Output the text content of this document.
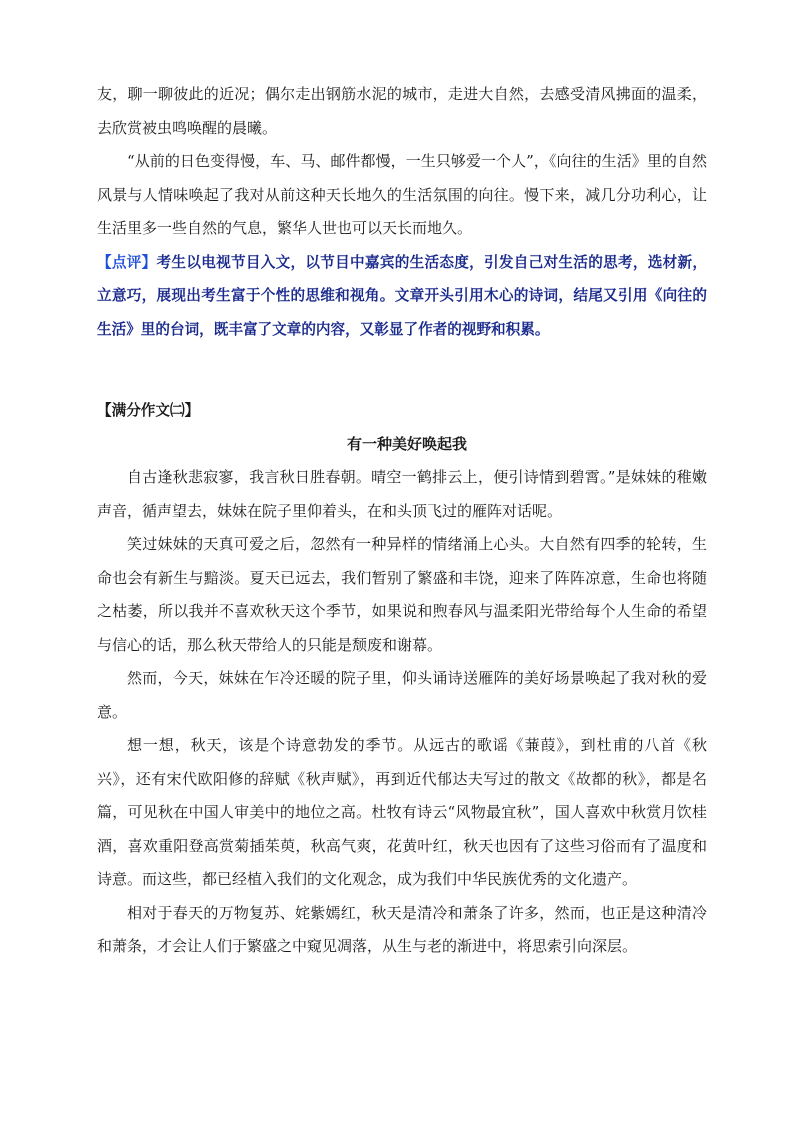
友，聊一聊彼此的近况；偶尔走出钢筋水泥的城市，走进大自然，去感受清风拂面的温柔，去欣赏被虫鸣唤醒的晨曦。

“从前的日色变得慢，车、马、邮件都慢，一生只够爱一个人”，《向往的生活》里的自然风景与人情味唤起了我对从前这种天长地久的生活氛围的向往。慢下来，减几分功利心，让生活里多一些自然的气息，繁华人世也可以天长而地久。

【点评】考生以电视节目入文，以节目中嘉宾的生活态度，引发自己对生活的思考，选材新，立意巧，展现出考生富于个性的思维和视角。文章开头引用木心的诗词，结尾又引用《向往的生活》里的台词，既丰富了文章的内容，又彰显了作者的视野和积累。

【满分作文㈡】

有一种美好唤起我

自古逢秋悲寂寥，我言秋日胜春朝。晴空一鹤排云上，便引诗情到碧霄。”是妹妹的稚嫩声音，循声望去，妹妹在院子里仰着头，在和头顶飞过的雁阵对话呢。

笑过妹妹的天真可爱之后，忽然有一种异样的情绪涌上心头。大自然有四季的轮转，生命也会有新生与黯淡。夏天已远去，我们暂别了繁盛和丰饶，迎来了阵阵凉意，生命也将随之枯萎，所以我并不喜欢秋天这个季节，如果说和煦春风与温柔阳光带给每个人生命的希望与信心的话，那么秋天带给人的只能是颓废和谢幕。

然而，今天，妹妹在乍冷还暖的院子里，仰头诵诗送雁阵的美好场景唤起了我对秋的爱意。

想一想，秋天，该是个诗意勃发的季节。从远古的歌谣《蒹葭》，到杜甫的八首《秋兴》，还有宋代欧阳修的辞赋《秋声赋》，再到近代郁达夫写过的散文《故都的秋》，都是名篇，可见秋在中国人审美中的地位之高。杜牧有诗云“风物最宜秋”，国人喜欢中秋赏月饮桂酒，喜欢重阳登高赏菊插茱萸，秋高气爽，花黄叶红，秋天也因有了这些习俗而有了温度和诗意。而这些，都已经植入我们的文化观念，成为我们中华民族优秀的文化遗产。

相对于春天的万物复苏、姹紫嫣红，秋天是清冷和萧条了许多，然而，也正是这种清冷和萧条，才会让人们于繁盛之中窥见凋落，从生与老的渐进中，将思索引向深层。
